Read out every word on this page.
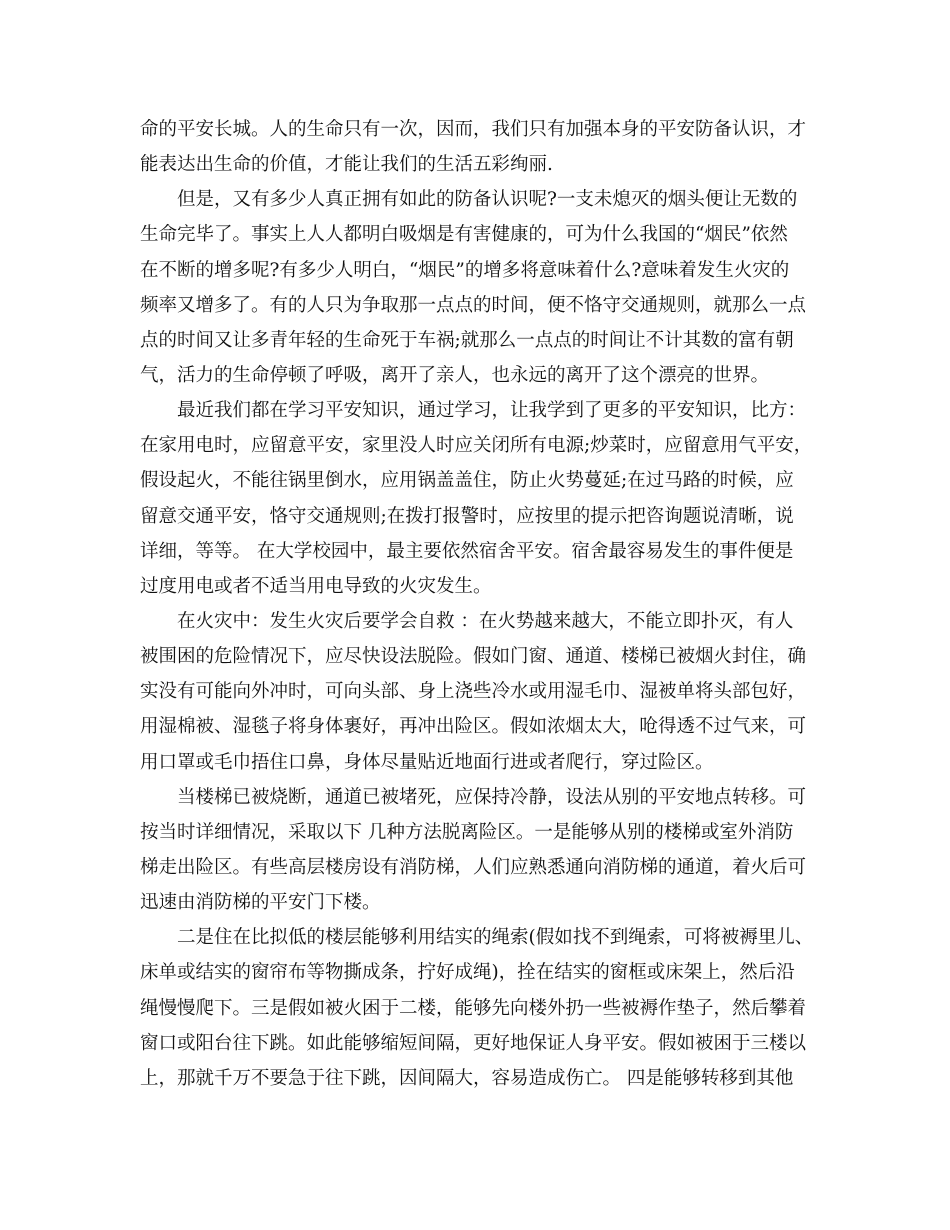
命的平安长城。人的生命只有一次，因而，我们只有加强本身的平安防备认识，才
能表达出生命的价值，才能让我们的生活五彩绚丽.
但是，又有多少人真正拥有如此的防备认识呢?一支未熄灭的烟头便让无数的
生命完毕了。事实上人人都明白吸烟是有害健康的，可为什么我国的“烟民”依然
在不断的增多呢?有多少人明白，“烟民”的增多将意味着什么?意味着发生火灾的
频率又增多了。有的人只为争取那一点点的时间，便不恪守交通规则，就那么一点
点的时间又让多青年轻的生命死于车祸;就那么一点点的时间让不计其数的富有朝
气，活力的生命停顿了呼吸，离开了亲人，也永远的离开了这个漂亮的世界。
最近我们都在学习平安知识，通过学习，让我学到了更多的平安知识，比方：
在家用电时，应留意平安，家里没人时应关闭所有电源;炒菜时，应留意用气平安，
假设起火，不能往锅里倒水，应用锅盖盖住，防止火势蔓延;在过马路的时候，应
留意交通平安，恪守交通规则;在拨打报警时，应按里的提示把咨询题说清晰，说
详细，等等。 在大学校园中，最主要依然宿舍平安。宿舍最容易发生的事件便是
过度用电或者不适当用电导致的火灾发生。
在火灾中：发生火灾后要学会自救 ：在火势越来越大，不能立即扑灭，有人
被围困的危险情况下，应尽快设法脱险。假如门窗、通道、楼梯已被烟火封住，确
实没有可能向外冲时，可向头部、身上浇些冷水或用湿毛巾、湿被单将头部包好，
用湿棉被、湿毯子将身体裹好，再冲出险区。假如浓烟太大，呛得透不过气来，可
用口罩或毛巾捂住口鼻，身体尽量贴近地面行进或者爬行，穿过险区。
当楼梯已被烧断，通道已被堵死，应保持冷静，设法从别的平安地点转移。可
按当时详细情况，采取以下 几种方法脱离险区。一是能够从别的楼梯或室外消防
梯走出险区。有些高层楼房设有消防梯，人们应熟悉通向消防梯的通道，着火后可
迅速由消防梯的平安门下楼。
二是住在比拟低的楼层能够利用结实的绳索(假如找不到绳索，可将被褥里儿、
床单或结实的窗帘布等物撕成条，拧好成绳)，拴在结实的窗框或床架上，然后沿
绳慢慢爬下。三是假如被火困于二楼，能够先向楼外扔一些被褥作垫子，然后攀着
窗口或阳台往下跳。如此能够缩短间隔，更好地保证人身平安。假如被困于三楼以
上，那就千万不要急于往下跳，因间隔大，容易造成伤亡。 四是能够转移到其他
